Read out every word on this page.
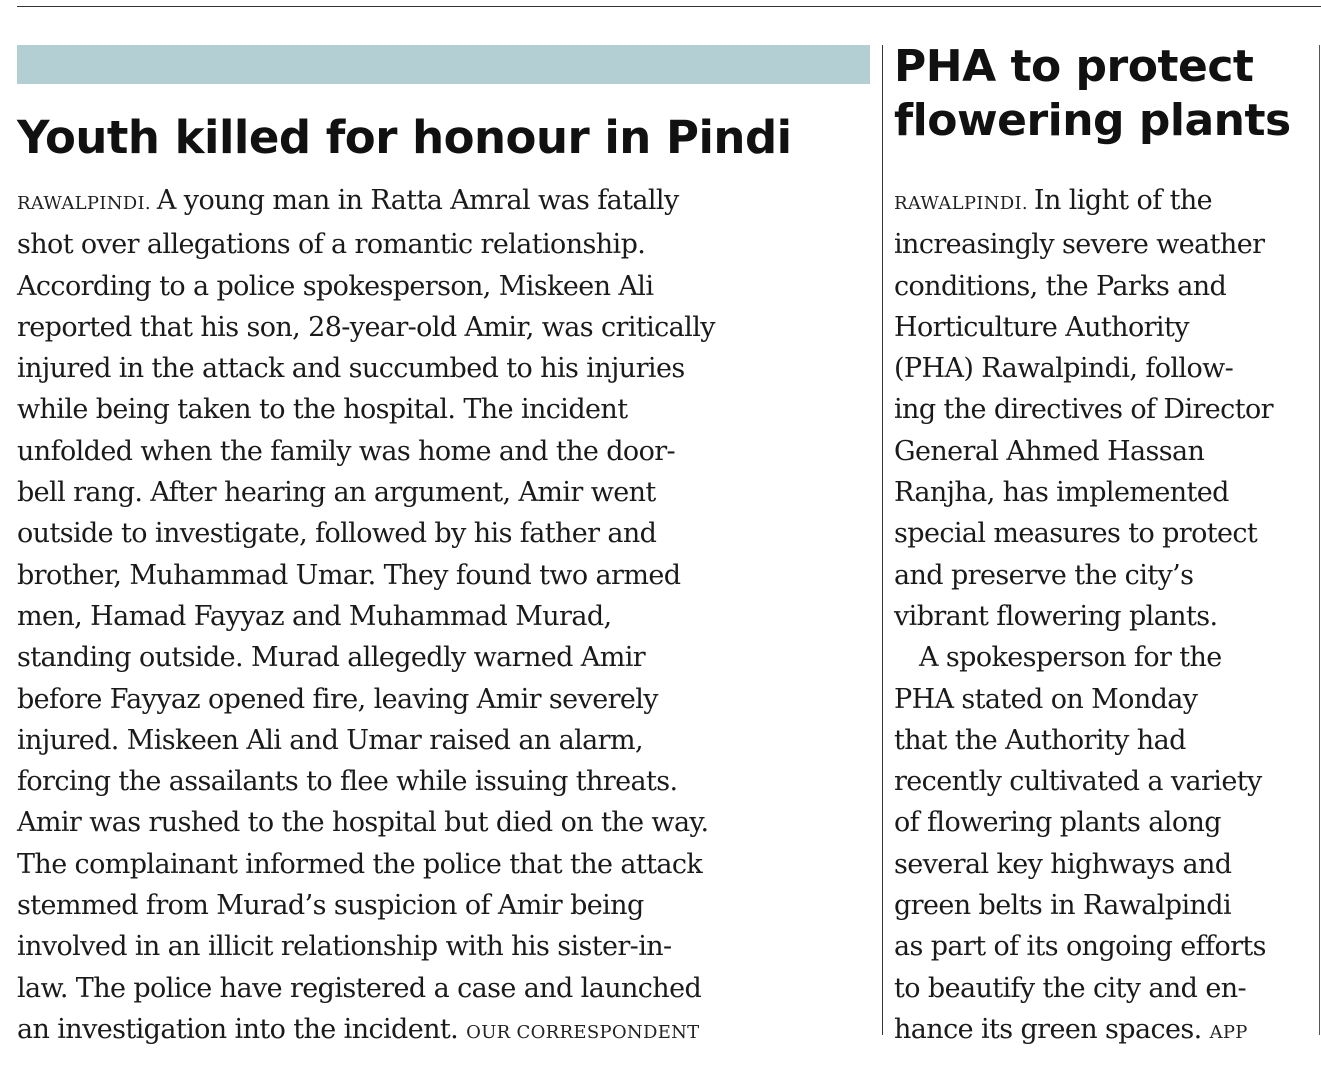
Youth killed for honour in Pindi
RAWALPINDI. A young man in Ratta Amral was fatally
shot over allegations of a romantic relationship.
According to a police spokesperson, Miskeen Ali
reported that his son, 28-year-old Amir, was critically
injured in the attack and succumbed to his injuries
while being taken to the hospital. The incident
unfolded when the family was home and the door-
bell rang. After hearing an argument, Amir went
outside to investigate, followed by his father and
brother, Muhammad Umar. They found two armed
men, Hamad Fayyaz and Muhammad Murad,
standing outside. Murad allegedly warned Amir
before Fayyaz opened fire, leaving Amir severely
injured. Miskeen Ali and Umar raised an alarm,
forcing the assailants to flee while issuing threats.
Amir was rushed to the hospital but died on the way.
The complainant informed the police that the attack
stemmed from Murad’s suspicion of Amir being
involved in an illicit relationship with his sister-in-
law. The police have registered a case and launched
an investigation into the incident. OUR CORRESPONDENT
PHA to protect
flowering plants
RAWALPINDI. In light of the
increasingly severe weather
conditions, the Parks and
Horticulture Authority
(PHA) Rawalpindi, follow-
ing the directives of Director
General Ahmed Hassan
Ranjha, has implemented
special measures to protect
and preserve the city’s
vibrant flowering plants.
A spokesperson for the
PHA stated on Monday
that the Authority had
recently cultivated a variety
of flowering plants along
several key highways and
green belts in Rawalpindi
as part of its ongoing efforts
to beautify the city and en-
hance its green spaces. APP
